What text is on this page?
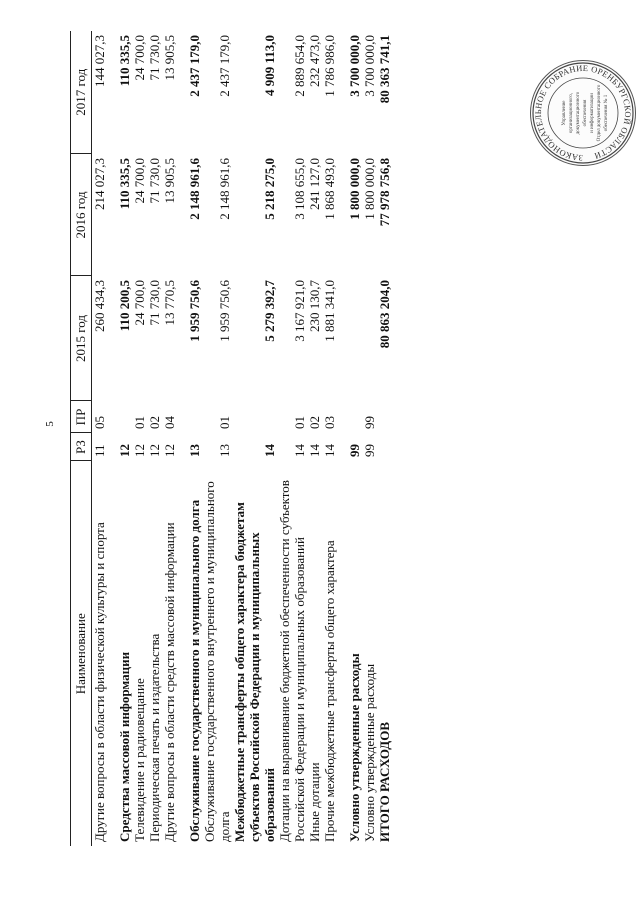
5
Наименование	РЗ	ПР	2015 год	2016 год	2017 год
Другие вопросы в области физической культуры и спорта	11	05	260 434,3	214 027,3	144 027,3

Средства массовой информации	12		110 200,5	110 335,5	110 335,5
Телевидение и радиовещание	12	01	24 700,0	24 700,0	24 700,0
Периодическая печать и издательства	12	02	71 730,0	71 730,0	71 730,0
Другие вопросы в области средств массовой информации	12	04	13 770,5	13 905,5	13 905,5

Обслуживание государственного и муниципального долга	13		1 959 750,6	2 148 961,6	2 437 179,0
Обслуживание государственного внутреннего и муниципального долга	13	01	1 959 750,6	2 148 961,6	2 437 179,0
Межбюджетные трансферты общего характера бюджетам субъектов Российской Федерации и муниципальных образований	14		5 279 392,7	5 218 275,0	4 909 113,0
Дотации на выравнивание бюджетной обеспеченности субъектов Российской Федерации и муниципальных образований	14	01	3 167 921,0	3 108 655,0	2 889 654,0
Иные дотации	14	02	230 130,7	241 127,0	232 473,0
Прочие межбюджетные трансферты общего характера	14	03	1 881 341,0	1 868 493,0	1 786 986,0

Условно утвержденные расходы	99			1 800 000,0	3 700 000,0
Условно утвержденные расходы	99	99		1 800 000,0	3 700 000,0
ИТОГО РАСХОДОВ			80 863 204,0	77 978 756,8	80 363 741,1
ЗАКОНОДАТЕЛЬНОЕ СОБРАНИЕ ОРЕНБУРГСКОЙ ОБЛАСТИ
Управление организационного, документационного обеспечения и информатизации Отдел документационного обеспечения № 1
